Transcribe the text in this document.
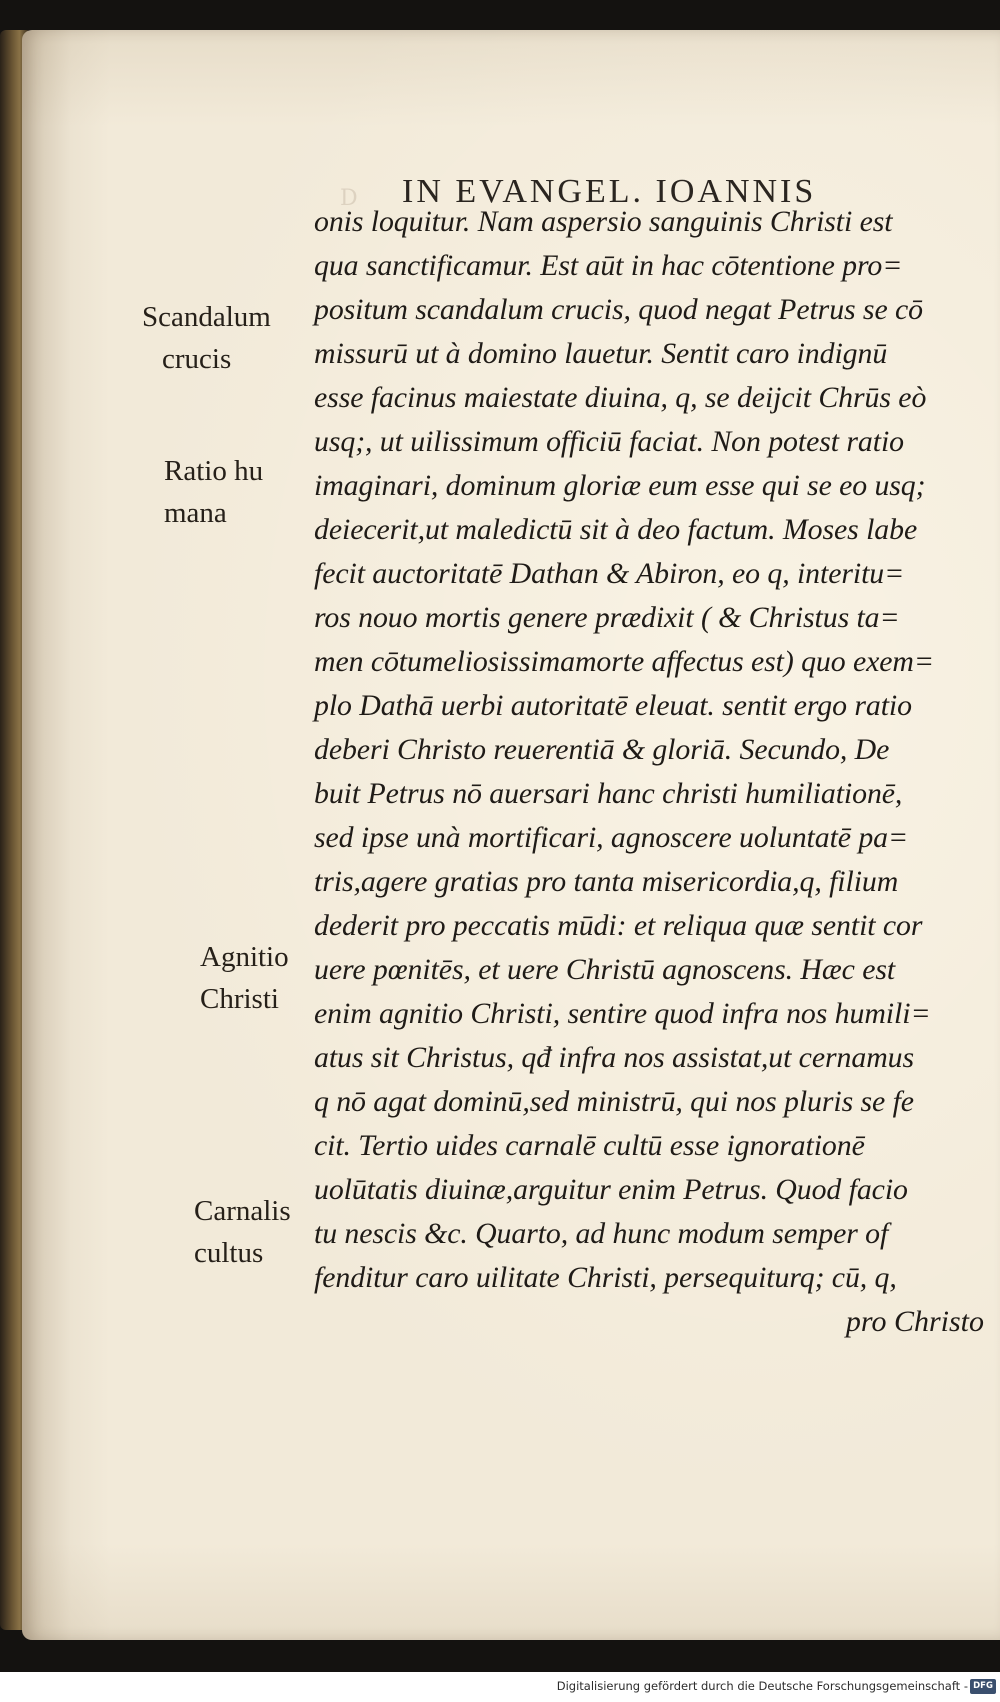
D IN EVANGEL. IOANNIS
Scandalum
crucis
Ratio hu
mana
Agnitio
Christi
Carnalis
cultus
onis loquitur. Nam aspersio sanguinis Christi est
qua sanctificamur. Est aūt in hac cōtentione pro=
positum scandalum crucis, quod negat Petrus se cō
missurū ut à domino lauetur. Sentit caro indignū
esse facinus maiestate diuina, q, se deijcit Chrūs eò
usq;, ut uilissimum officiū faciat. Non potest ratio
imaginari, dominum gloriæ eum esse qui se eo usq;
deiecerit,ut maledictū sit à deo factum. Moses labe
fecit auctoritatē Dathan & Abiron, eo q, interitu=
ros nouo mortis genere prædixit ( & Christus ta=
men cōtumeliosissimamorte affectus est) quo exem=
plo Dathā uerbi autoritatē eleuat. sentit ergo ratio
deberi Christo reuerentiā & gloriā. Secundo, De
buit Petrus nō auersari hanc christi humiliationē,
sed ipse unà mortificari, agnoscere uoluntatē pa=
tris,agere gratias pro tanta misericordia,q, filium
dederit pro peccatis mūdi: et reliqua quæ sentit cor
uere pœnitēs, et uere Christū agnoscens. Hæc est
enim agnitio Christi, sentire quod infra nos humili=
atus sit Christus, qđ infra nos assistat,ut cernamus
q nō agat dominū,sed ministrū, qui nos pluris se fe
cit. Tertio uides carnalē cultū esse ignorationē
uolūtatis diuinæ,arguitur enim Petrus. Quod facio
tu nescis &c. Quarto, ad hunc modum semper of
fenditur caro uilitate Christi, persequiturq; cū, q,
pro Christo
Digitalisierung gefördert durch die Deutsche Forschungsgemeinschaft - DFG
